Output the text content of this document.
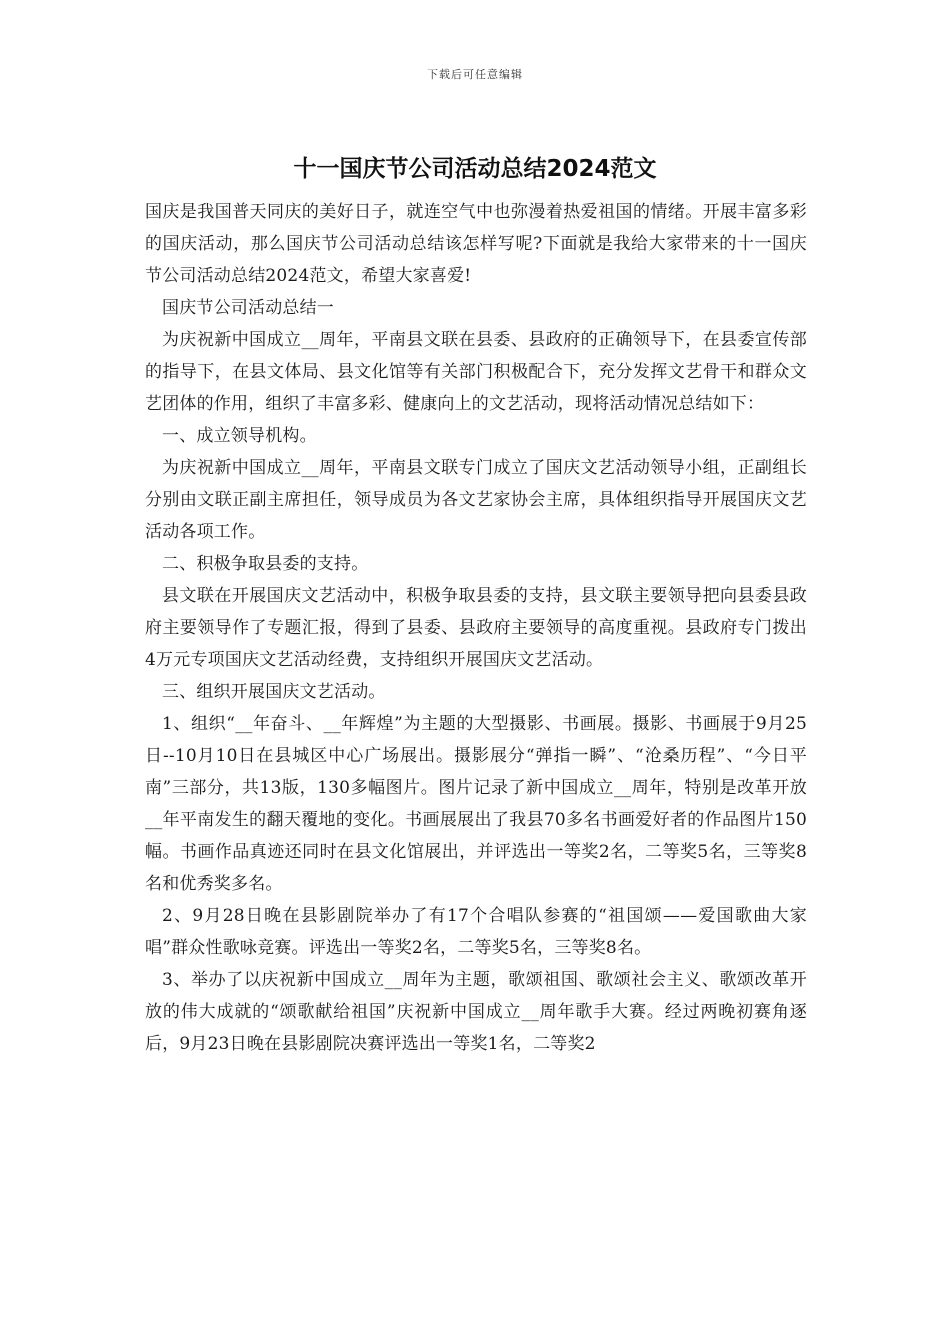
下载后可任意编辑
十一国庆节公司活动总结2024范文

国庆是我国普天同庆的美好日子，就连空气中也弥漫着热爱祖国的情绪。开展丰富多彩的国庆活动，那么国庆节公司活动总结该怎样写呢?下面就是我给大家带来的十一国庆节公司活动总结2024范文，希望大家喜爱!

国庆节公司活动总结一

为庆祝新中国成立__周年，平南县文联在县委、县政府的正确领导下，在县委宣传部的指导下，在县文体局、县文化馆等有关部门积极配合下，充分发挥文艺骨干和群众文艺团体的作用，组织了丰富多彩、健康向上的文艺活动，现将活动情况总结如下：

一、成立领导机构。

为庆祝新中国成立__周年，平南县文联专门成立了国庆文艺活动领导小组，正副组长分别由文联正副主席担任，领导成员为各文艺家协会主席，具体组织指导开展国庆文艺活动各项工作。

二、积极争取县委的支持。

县文联在开展国庆文艺活动中，积极争取县委的支持，县文联主要领导把向县委县政府主要领导作了专题汇报，得到了县委、县政府主要领导的高度重视。县政府专门拨出4万元专项国庆文艺活动经费，支持组织开展国庆文艺活动。

三、组织开展国庆文艺活动。

1、组织“__年奋斗、__年辉煌”为主题的大型摄影、书画展。摄影、书画展于9月25日--10月10日在县城区中心广场展出。摄影展分“弹指一瞬”、“沧桑历程”、“今日平南”三部分，共13版，130多幅图片。图片记录了新中国成立__周年，特别是改革开放__年平南发生的翻天覆地的变化。书画展展出了我县70多名书画爱好者的作品图片150幅。书画作品真迹还同时在县文化馆展出，并评选出一等奖2名，二等奖5名，三等奖8名和优秀奖多名。

2、9月28日晚在县影剧院举办了有17个合唱队参赛的“祖国颂——爱国歌曲大家唱”群众性歌咏竞赛。评选出一等奖2名，二等奖5名，三等奖8名。

3、举办了以庆祝新中国成立__周年为主题，歌颂祖国、歌颂社会主义、歌颂改革开放的伟大成就的“颂歌献给祖国”庆祝新中国成立__周年歌手大赛。经过两晚初赛角逐后，9月23日晚在县影剧院决赛评选出一等奖1名，二等奖2
